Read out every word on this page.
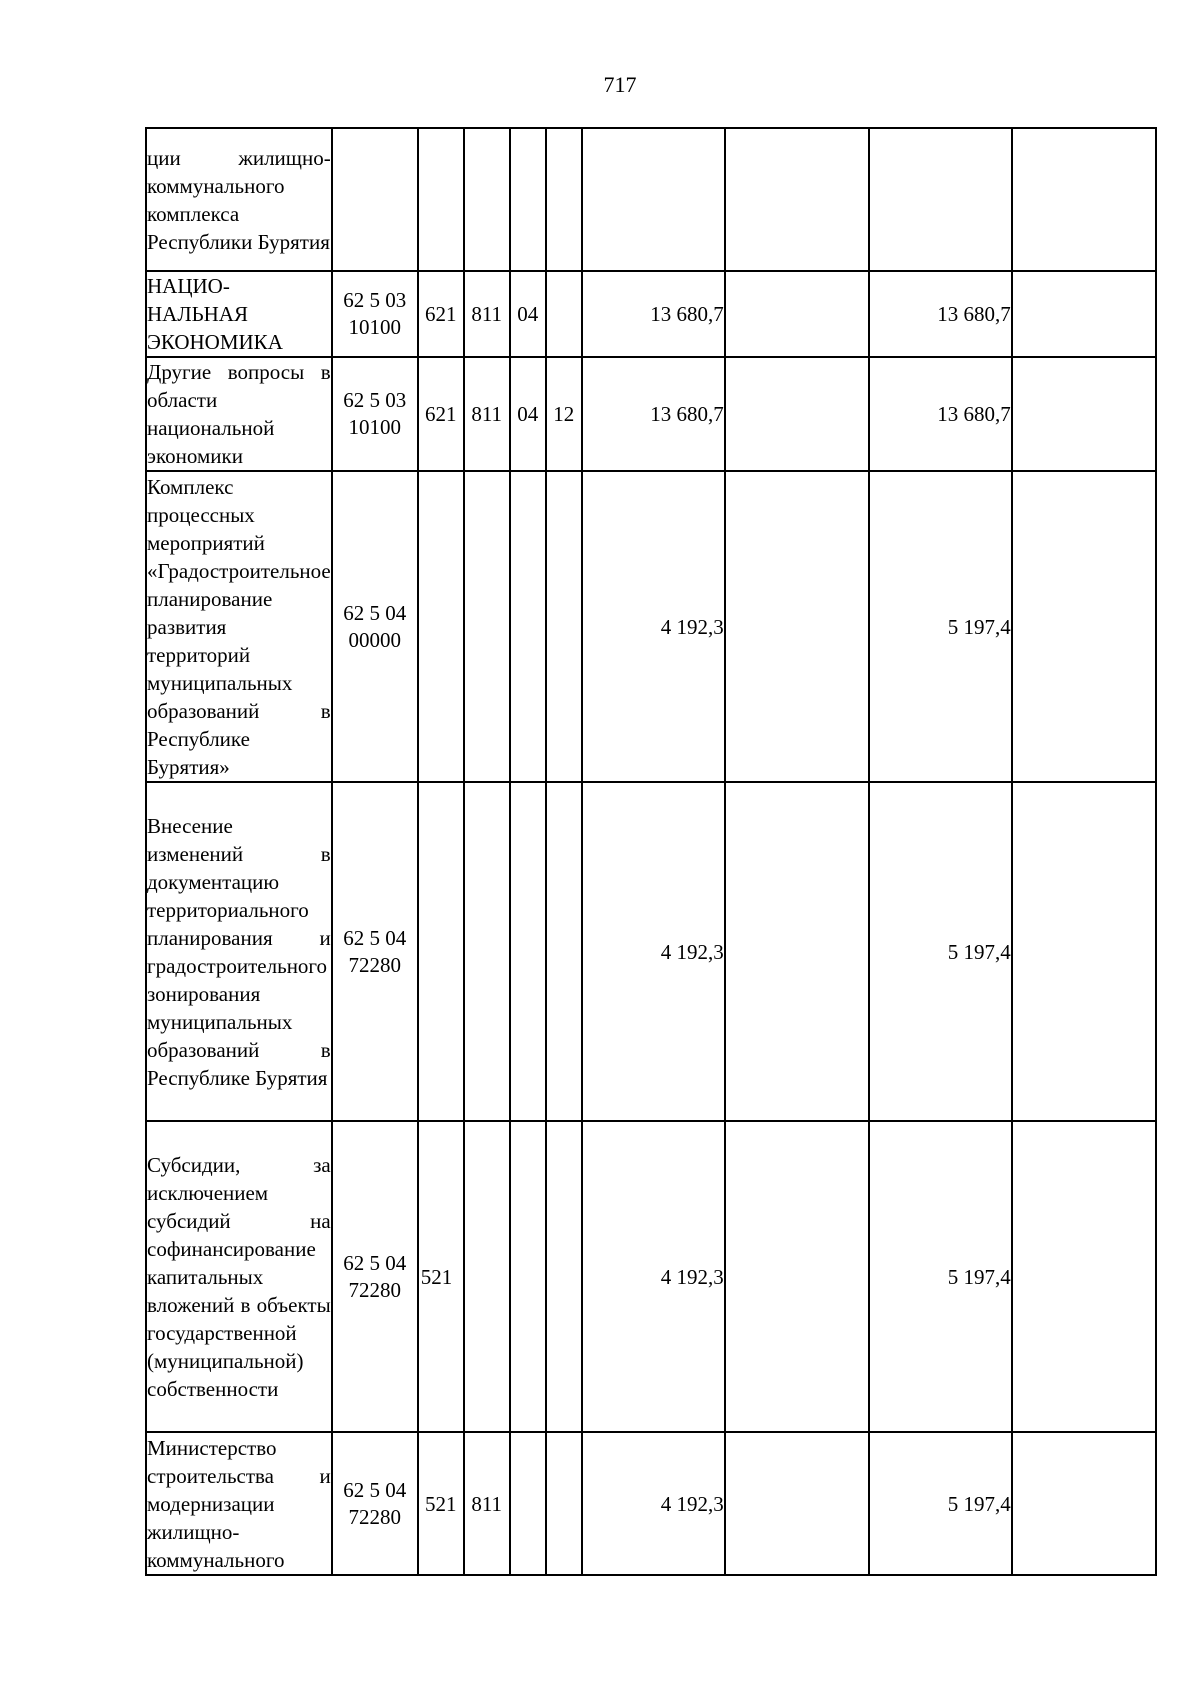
717
ции жилищно-коммунального комплекса Республики Бурятия									
НАЦИО-НАЛЬНАЯ ЭКОНОМИКА	62 5 03 10100	621	811	04		13 680,7		13 680,7	
Другие вопросы в области национальной экономики	62 5 03 10100	621	811	04	12	13 680,7		13 680,7	
Комплекс процессных мероприятий «Градостроительное планирование развития территорий муниципальных образований в Республике Бурятия»	62 5 04 00000					4 192,3		5 197,4	
Внесение изменений в документацию территориального планирования и градостроительного зонирования муниципальных образований в Республике Бурятия	62 5 04 72280					4 192,3		5 197,4	
Субсидии, за исключением субсидий на софинансирование капитальных вложений в объекты государственной (муниципальной) собственности	62 5 04 72280	521				4 192,3		5 197,4	
Министерство строительства и модернизации жилищно-коммунального	62 5 04 72280	521	811			4 192,3		5 197,4	
